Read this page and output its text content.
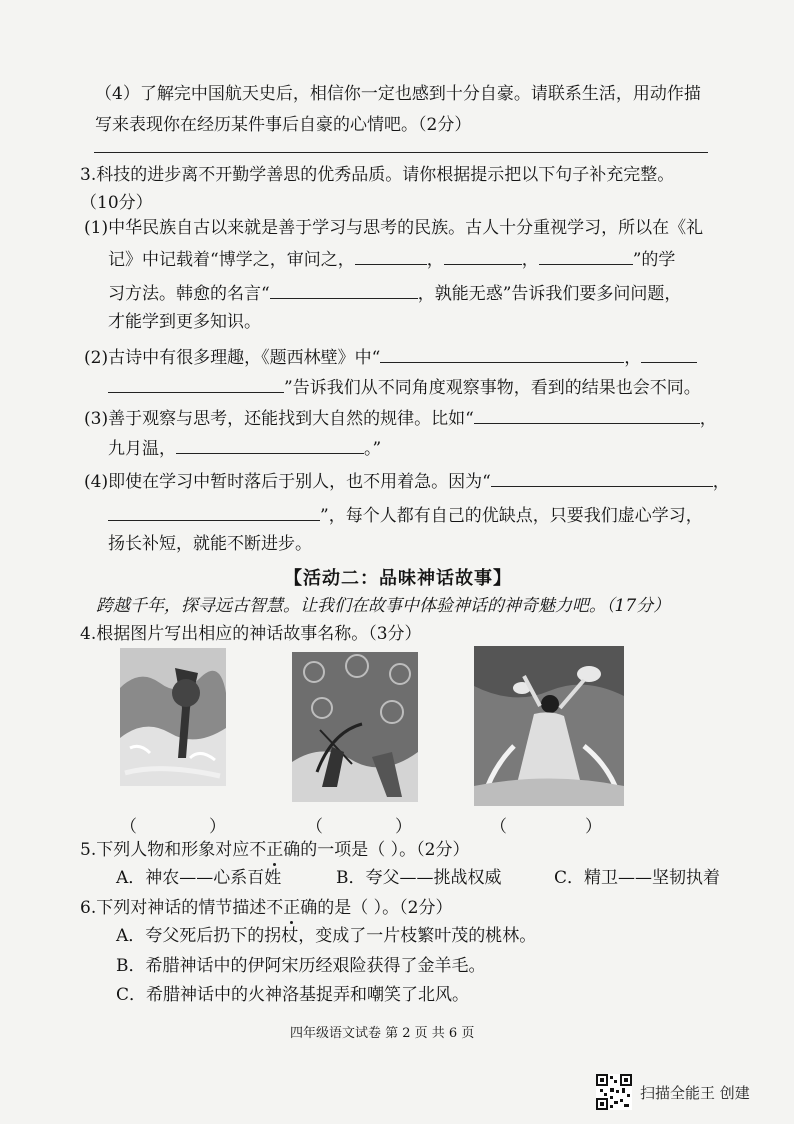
（4）了解完中国航天史后，相信你一定也感到十分自豪。请联系生活，用动作描
写来表现你在经历某件事后自豪的心情吧。（2分）
3.科技的进步离不开勤学善思的优秀品质。请你根据提示把以下句子补充完整。
（10分）
(1)中华民族自古以来就是善于学习与思考的民族。古人十分重视学习，所以在《礼
记》中记载着“博学之，审问之，	，	，	”的学
习方法。韩愈的名言“	，孰能无惑”告诉我们要多问问题，
才能学到更多知识。
(2)古诗中有很多理趣，《题西林壁》中“	，
”告诉我们从不同角度观察事物，看到的结果也会不同。
(3)善于观察与思考，还能找到大自然的规律。比如“	，
九月温，	。”
(4)即使在学习中暂时落后于别人，也不用着急。因为“	，
”，每个人都有自己的优缺点，只要我们虚心学习，
扬长补短，就能不断进步。
【活动二：品味神话故事】
跨越千年，探寻远古智慧。让我们在故事中体验神话的神奇魅力吧。（17分）
4.根据图片写出相应的神话故事名称。（3分）
（	）	（	）	（	）
5.下列人物和形象对应不正确的一项是（ ）。（2分）
A．神农——心系百姓	B．夸父——挑战权威	C．精卫——坚韧执着
6.下列对神话的情节描述不正确的是（ ）。（2分）
A．夸父死后扔下的拐杖，变成了一片枝繁叶茂的桃林。
B．希腊神话中的伊阿宋历经艰险获得了金羊毛。
C．希腊神话中的火神洛基捉弄和嘲笑了北风。
四年级语文试卷 第 2 页 共 6 页
扫描全能王 创建
